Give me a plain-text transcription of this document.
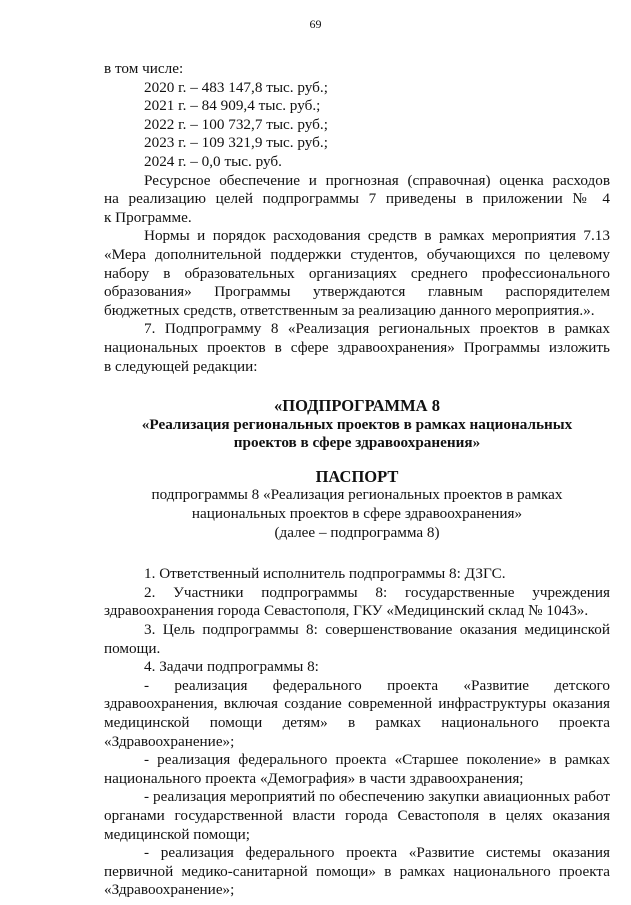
69

в том числе:

2020 г. – 483 147,8 тыс. руб.;

2021 г. – 84 909,4 тыс. руб.;

2022 г. – 100 732,7 тыс. руб.;

2023 г. – 109 321,9 тыс. руб.;

2024 г. – 0,0 тыс. руб.

Ресурсное обеспечение и прогнозная (справочная) оценка расходов

на реализацию целей подпрограммы 7 приведены в приложении № 4

к Программе.

Нормы и порядок расходования средств в рамках мероприятия 7.13

«Мера дополнительной поддержки студентов, обучающихся по целевому

набору в образовательных организациях среднего профессионального

образования» Программы утверждаются главным распорядителем

бюджетных средств, ответственным за реализацию данного мероприятия.».

7. Подпрограмму 8 «Реализация региональных проектов в рамках

национальных проектов в сфере здравоохранения» Программы изложить

в следующей редакции:

«ПОДПРОГРАММА 8

«Реализация региональных проектов в рамках национальных

проектов в сфере здравоохранения»

ПАСПОРТ

подпрограммы 8 «Реализация региональных проектов в рамках

национальных проектов в сфере здравоохранения»

(далее – подпрограмма 8)

1. Ответственный исполнитель подпрограммы 8: ДЗГС.

2. Участники подпрограммы 8: государственные учреждения

здравоохранения города Севастополя, ГКУ «Медицинский склад № 1043».

3. Цель подпрограммы 8: совершенствование оказания медицинской

помощи.

4. Задачи подпрограммы 8:

- реализация федерального проекта «Развитие детского

здравоохранения, включая создание современной инфраструктуры оказания

медицинской помощи детям» в рамках национального проекта

«Здравоохранение»;

- реализация федерального проекта «Старшее поколение» в рамках

национального проекта «Демография» в части здравоохранения;

- реализация мероприятий по обеспечению закупки авиационных работ

органами государственной власти города Севастополя в целях оказания

медицинской помощи;

- реализация федерального проекта «Развитие системы оказания

первичной медико-санитарной помощи» в рамках национального проекта

«Здравоохранение»;
